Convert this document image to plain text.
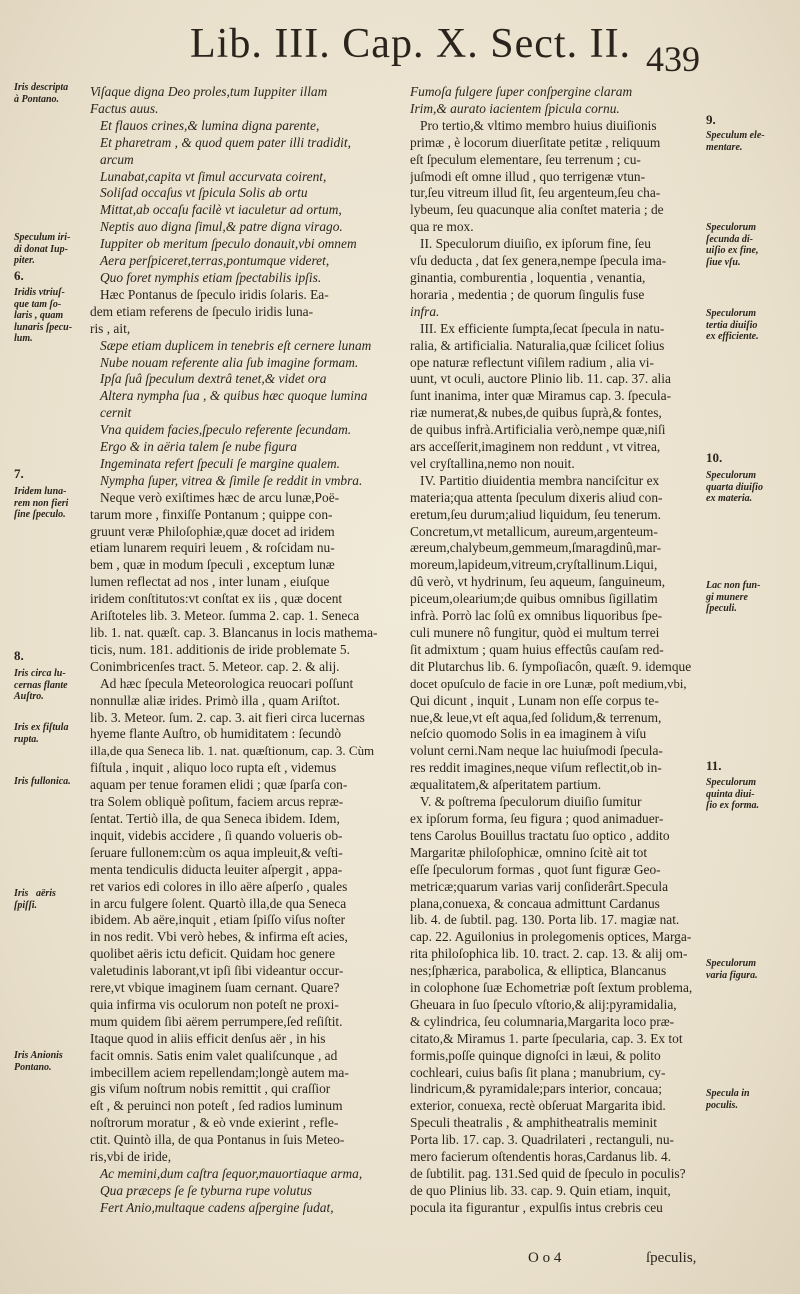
Lib. III. Cap. X. Sect. II. 439
Viſaque digna Deo proles,tum Iuppiter illam
Factus auus.
Et flauos crines,& lumina digna parente,
Et pharetram , & quod quem pater illi tradidit,
arcum
Lunabat,capita vt ſimul accurvata coirent,
Soliſad occaſus vt ſpicula Solis ab ortu
Mittat,ab occaſu facilè vt iaculetur ad ortum,
Neptis auo digna ſimul,& patre digna virago.
Iuppiter ob meritum ſpeculo donauit,vbi omnem
Aera perſpiceret,terras,pontumque videret,
Quo foret nymphis etiam ſpectabilis ipſis.
Hæc Pontanus de ſpeculo iridis ſolaris. Ea-
dem etiam referens de ſpeculo iridis luna-
ris , ait,
Sæpe etiam duplicem in tenebris eſt cernere lunam
Nube nouam referente alia ſub imagine formam.
Ipſa ſuâ ſpeculum dextrâ tenet,& videt ora
Altera nympha ſua , & quibus hæc quoque lumina
cernit
Vna quidem facies,ſpeculo referente ſecundam.
Ergo & in aëria talem ſe nube figura
Ingeminata refert ſpeculi ſe margine qualem.
Nympha ſuper, vitrea & ſimile ſe reddit in vmbra.
Neque verò exiſtimes hæc de arcu lunæ,Poë-
tarum more , finxiſſe Pontanum ; quippe con-
gruunt veræ Philoſophiæ,quæ docet ad iridem
etiam lunarem requiri leuem , & roſcidam nu-
bem , quæ in modum ſpeculi , exceptum lunæ
lumen reflectat ad nos , inter lunam , eiuſque
iridem conſtitutos:vt conſtat ex iis , quæ docent
Ariſtoteles lib. 3. Meteor. ſumma 2. cap. 1. Seneca
lib. 1. nat. quæſt. cap. 3. Blancanus in locis mathema-
ticis, num. 181. additionis de iride problemate 5.
Conimbricenſes tract. 5. Meteor. cap. 2. & alij.
Ad hæc ſpecula Meteorologica reuocari poſſunt
nonnullæ aliæ irides. Primò illa , quam Ariſtot.
lib. 3. Meteor. ſum. 2. cap. 3. ait fieri circa lucernas
hyeme flante Auſtro, ob humiditatem : ſecundò
illa,de qua Seneca lib. 1. nat. quæſtionum, cap. 3. Cùm
fiſtula , inquit , aliquo loco rupta eſt , videmus
aquam per tenue foramen elidi ; quæ ſparſa con-
tra Solem obliquè poſitum, faciem arcus repræ-
ſentat. Tertiò illa, de qua Seneca ibidem. Idem,
inquit, videbis accidere , ſi quando volueris ob-
ſeruare fullonem:cùm os aqua impleuit,& veſti-
menta tendiculis diducta leuiter aſpergit , appa-
ret varios edi colores in illo aëre aſperſo , quales
in arcu fulgere ſolent. Quartò illa,de qua Seneca
ibidem. Ab aëre,inquit , etiam ſpiſſo viſus noſter
in nos redit. Vbi verò hebes, & infirma eſt acies,
quolibet aëris ictu deficit. Quidam hoc genere
valetudinis laborant,vt ipſi ſibi videantur occur-
rere,vt vbique imaginem ſuam cernant. Quare?
quia infirma vis oculorum non poteſt ne proxi-
mum quidem ſibi aërem perrumpere,ſed reſiſtit.
Itaque quod in aliis efficit denſus aër , in his
facit omnis. Satis enim valet qualiſcunque , ad
imbecillem aciem repellendam;longè autem ma-
gis viſum noſtrum nobis remittit , qui craſſior
eſt , & peruinci non poteſt , ſed radios luminum
noſtrorum moratur , & eò vnde exierint , refle-
ctit. Quintò illa, de qua Pontanus in ſuis Meteo-
ris,vbi de iride,
Ac memini,dum caſtra ſequor,mauortiaque arma,
Qua præceps ſe ſe tyburna rupe volutus
Fert Anio,multaque cadens aſpergine ſudat,
Fumoſa fulgere ſuper conſpergine claram
Irim,& aurato iacientem ſpicula cornu.
Pro tertio,& vltimo membro huius diuiſionis
primæ , è locorum diuerſitate petitæ , reliquum
eſt ſpeculum elementare, ſeu terrenum ; cu-
juſmodi eſt omne illud , quo terrigenæ vtun-
tur,ſeu vitreum illud ſit, ſeu argenteum,ſeu cha-
lybeum, ſeu quacunque alia conſtet materia ; de
qua re mox.
II. Speculorum diuiſio, ex ipſorum fine, ſeu
vſu deducta , dat ſex genera,nempe ſpecula ima-
ginantia, comburentia , loquentia , venantia,
horaria , medentia ; de quorum ſingulis fuse
infra.
III. Ex efficiente ſumpta,ſecat ſpecula in natu-
ralia, & artificialia. Naturalia,quæ ſcilicet ſolius
ope naturæ reflectunt viſilem radium , alia vi-
uunt, vt oculi, auctore Plinio lib. 11. cap. 37. alia
ſunt inanima, inter quæ Miramus cap. 3. ſpecula-
riæ numerat,& nubes,de quibus ſuprà,& fontes,
de quibus infrà.Artificialia verò,nempe quæ,niſi
ars acceſſerit,imaginem non reddunt , vt vitrea,
vel cryſtallina,nemo non nouit.
IV. Partitio diuidentia membra nanciſcitur ex
materia;qua attenta ſpeculum dixeris aliud con-
eretum,ſeu durum;aliud liquidum, ſeu tenerum.
Concretum,vt metallicum, aureum,argenteum-
æreum,chalybeum,gemmeum,ſmaragdinû,mar-
moreum,lapideum,vitreum,cryſtallinum.Liqui,
dû verò, vt hydrinum, ſeu aqueum, ſanguineum,
piceum,olearium;de quibus omnibus ſigillatim
infrà. Porrò lac ſolû ex omnibus liquoribus ſpe-
culi munere nô fungitur, quòd ei multum terrei
ſit admixtum ; quam huius effectûs cauſam red-
dit Plutarchus lib. 6. ſympoſiacôn, quæſt. 9. idemque
docet opuſculo de facie in ore Lunæ, poſt medium,vbi,
Qui dicunt , inquit , Lunam non eſſe corpus te-
nue,& leue,vt eſt aqua,ſed ſolidum,& terrenum,
neſcio quomodo Solis in ea imaginem à viſu
volunt cerni.Nam neque lac huiuſmodi ſpecula-
res reddit imagines,neque viſum reflectit,ob in-
æqualitatem,& aſperitatem partium.
V. & poſtrema ſpeculorum diuiſio ſumitur
ex ipſorum forma, ſeu figura ; quod animaduer-
tens Carolus Bouillus tractatu ſuo optico , addito
Margaritæ philoſophicæ, omnino ſcitè ait tot
eſſe ſpeculorum formas , quot ſunt figuræ Geo-
metricæ;quarum varias varij conſiderârt.Specula
plana,conuexa, & concaua admittunt Cardanus
lib. 4. de ſubtil. pag. 130. Porta lib. 17. magiæ nat.
cap. 22. Aguilonius in prolegomenis optices, Marga-
rita philoſophica lib. 10. tract. 2. cap. 13. & alij om-
nes;ſphærica, parabolica, & elliptica, Blancanus
in colophone ſuæ Echometriæ poſt ſextum problema,
Gheuara in ſuo ſpeculo vſtorio,& alij:pyramidalia,
& cylindrica, ſeu columnaria,Margarita loco præ-
citato,& Miramus 1. parte ſpecularia, cap. 3. Ex tot
formis,poſſe quinque dignoſci in læui, & polito
cochleari, cuius baſis ſit plana ; manubrium, cy-
lindricum,& pyramidale;pars interior, concaua;
exterior, conuexa, rectè obſeruat Margarita ibid.
Speculi theatralis , & amphitheatralis meminit
Porta lib. 17. cap. 3. Quadrilateri , rectanguli, nu-
mero facierum oſtendentis horas,Cardanus lib. 4.
de ſubtilit. pag. 131.Sed quid de ſpeculo in poculis?
de quo Plinius lib. 33. cap. 9. Quin etiam, inquit,
pocula ita figurantur , expulſis intus crebris ceu
Iris descripta
à Pontano.
Speculum iri-
di donat Iup-
piter.
6.
Iridis vtriuſ-
que tam ſo-
laris , quam
lunaris ſpecu-
lum.
7.
Iridem luna-
rem non fieri
ſine ſpeculo.
8.
Iris circa lu-
cernas flante
Auſtro.
Iris ex fiſtula
rupta.
Iris fullonica.
Iris   aëris
ſpiſſi.
Iris Anionis
Pontano.
9.
Speculum ele-
mentare.
Speculorum
ſecunda di-
uiſio ex fine,
ſiue vſu.
Speculorum
tertia diuiſio
ex efficiente.
10.
Speculorum
quarta diuiſio
ex materia.
Lac non fun-
gi munere
ſpeculi.
11.
Speculorum
quinta diui-
ſio ex forma.
Speculorum
varia figura.
Specula in
poculis.
O o 4	ſpeculis,
